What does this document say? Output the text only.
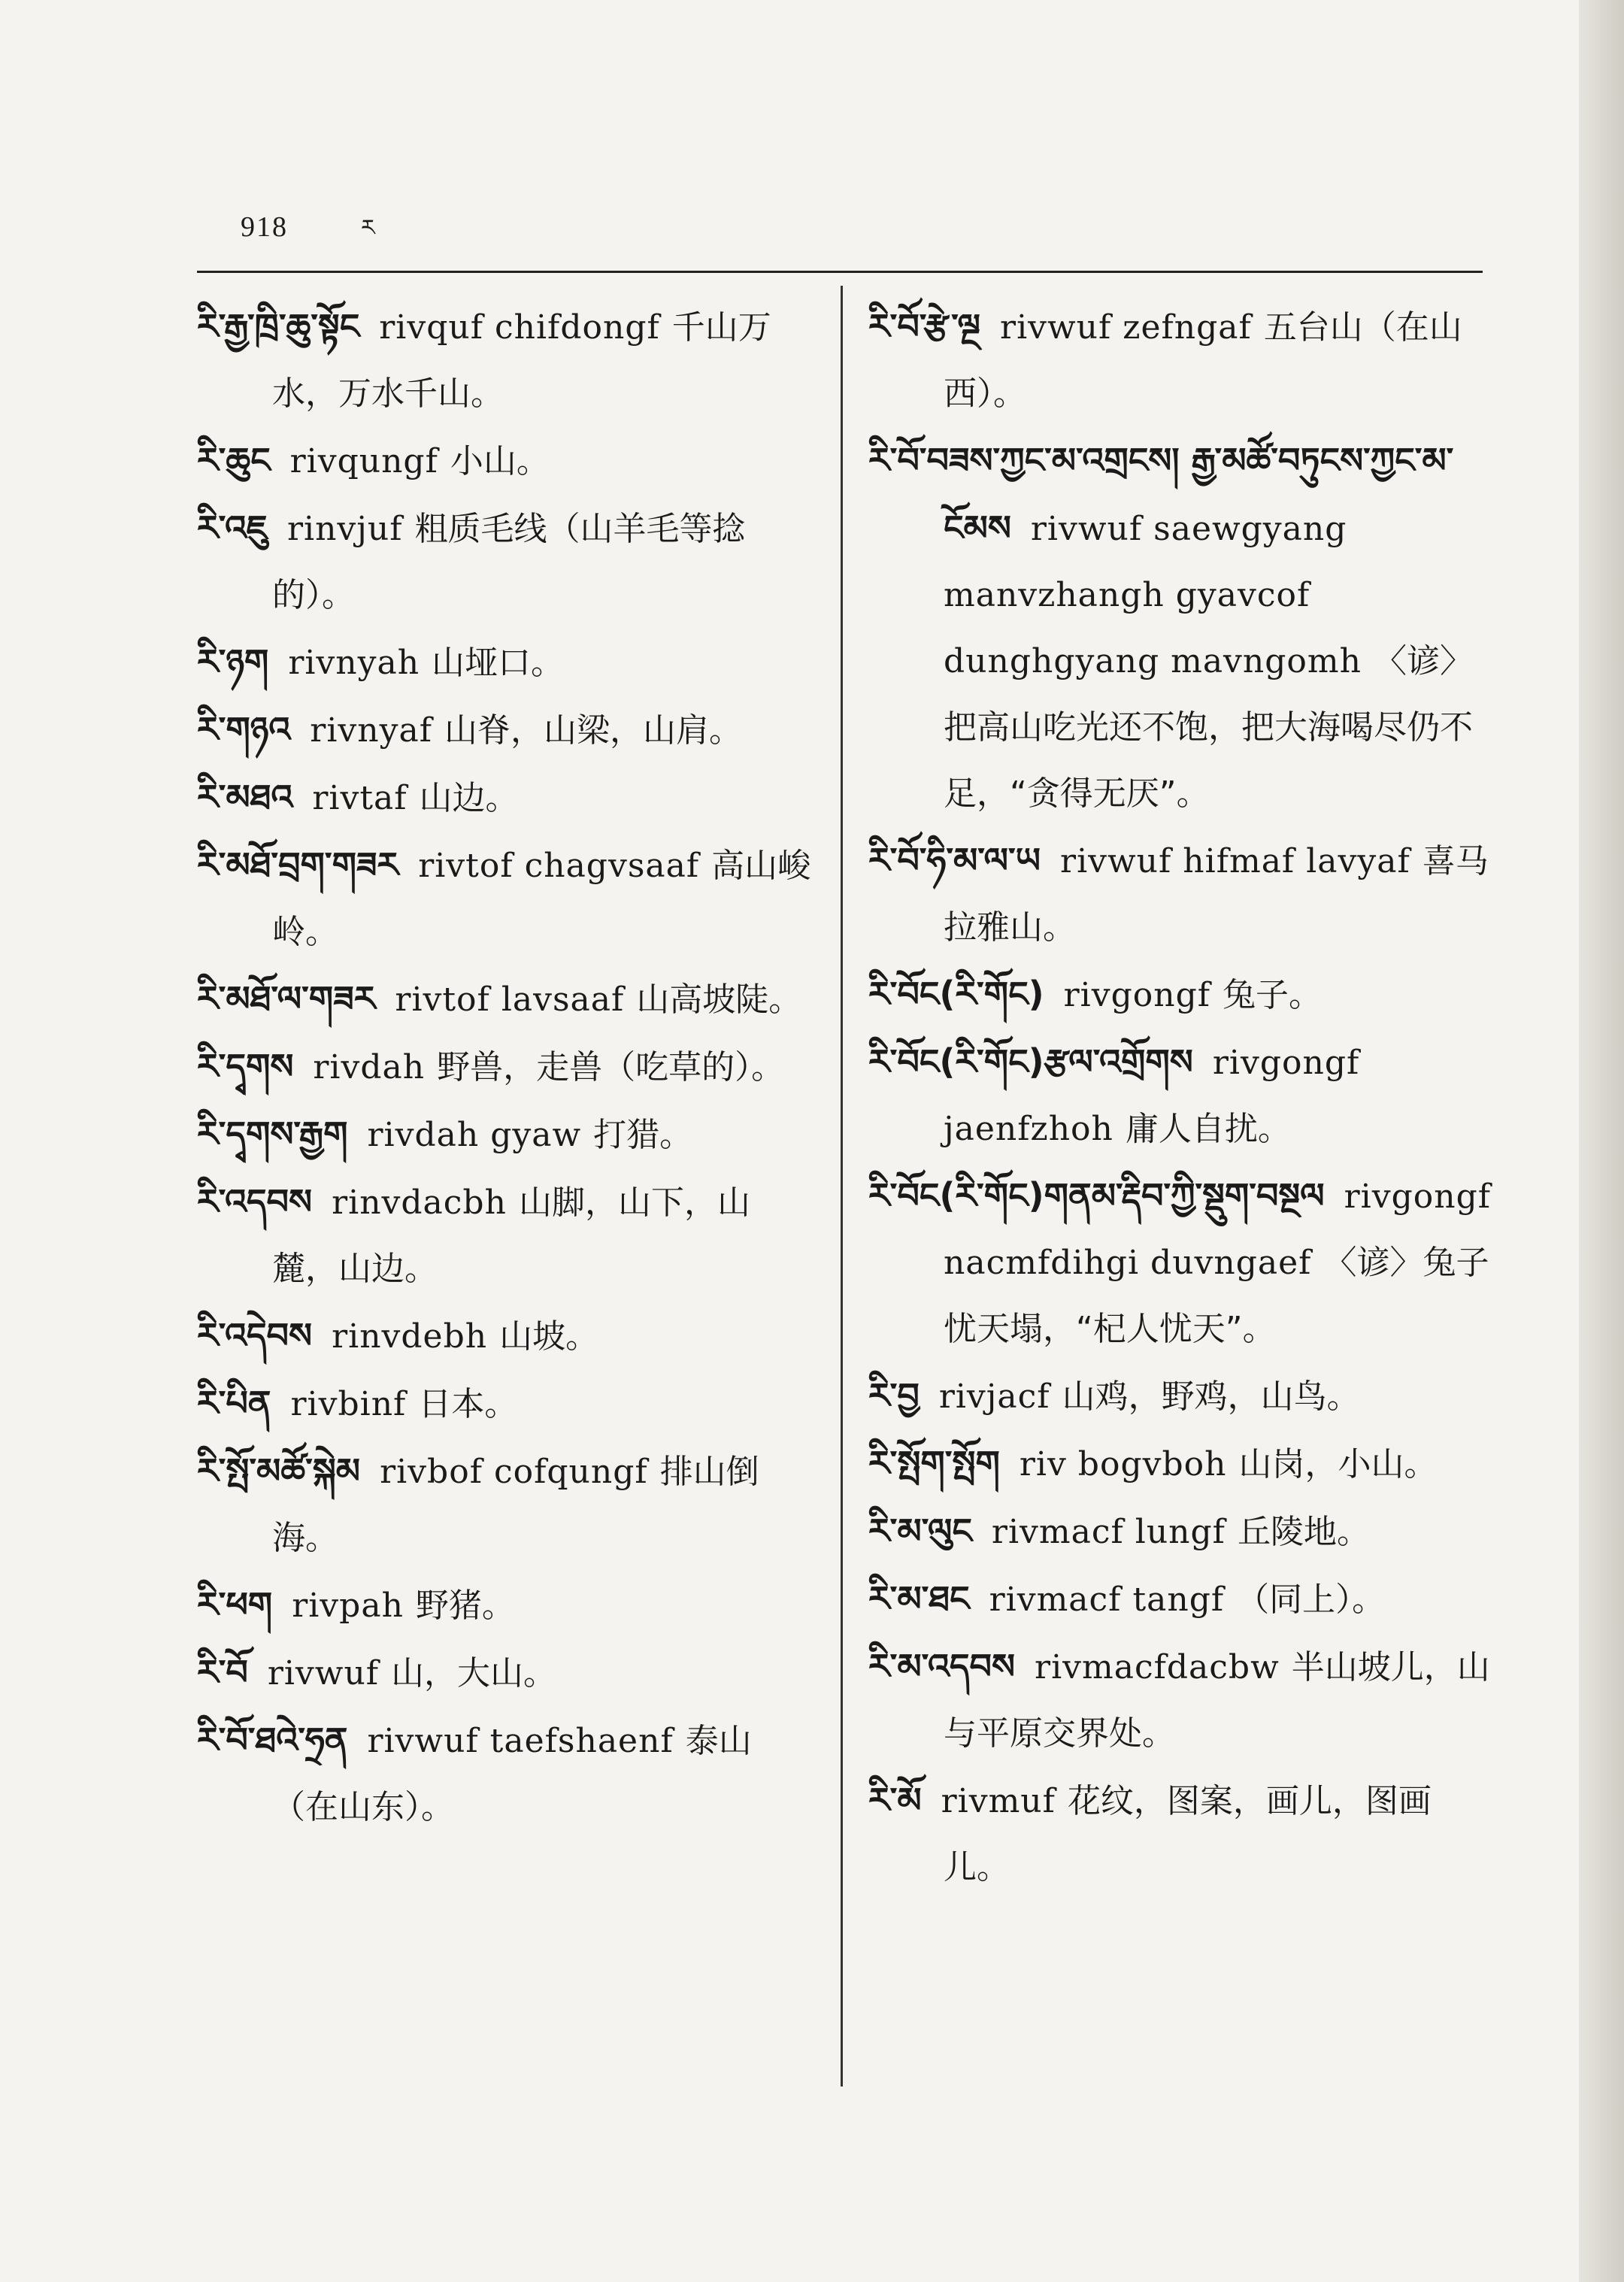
918	ར

རི་རྒྱ་ཁྲི་ཆུ་སྟོང rivquf chifdongf 千山万水，万水千山。

རི་ཆུང rivqungf 小山。

རི་འཇུ rinvjuf 粗质毛线（山羊毛等捻的）。

རི་ཉག rivnyah 山垭口。

རི་གཉའ rivnyaf 山脊，山梁，山肩。

རི་མཐའ rivtaf 山边。

རི་མཐོ་བྲག་གཟར rivtof chagvsaaf 高山峻岭。

རི་མཐོ་ལ་གཟར rivtof lavsaaf 山高坡陡。

རི་དྭགས rivdah 野兽，走兽（吃草的）。

རི་དྭགས་རྒྱག rivdah gyaw 打猎。

རི་འདབས rinvdacbh 山脚，山下，山麓，山边。

རི་འདེབས rinvdebh 山坡。

རི་པིན rivbinf 日本。

རི་སྤོ་མཚོ་སྐེམ rivbof cofqungf 排山倒海。

རི་ཕག rivpah 野猪。

རི་བོ rivwuf 山，大山。

རི་བོ་ཐའེ་ཧྲན rivwuf taefshaenf 泰山（在山东）。

རི་བོ་རྩེ་ལྔ rivwuf zefngaf 五台山（在山西）。

རི་བོ་བཟས་ཀྱང་མ་འགྲངས། རྒྱ་མཚོ་བཏུངས་ཀྱང་མ་ངོམས rivwuf saewgyang manvzhangh gyavcof dunghgyang mavngomh 〈谚〉把高山吃光还不饱，把大海喝尽仍不足，“贪得无厌”。

རི་བོ་ཧི་མ་ལ་ཡ rivwuf hifmaf lavyaf 喜马拉雅山。

རི་བོང(རི་གོང) rivgongf 兔子。

རི་བོང(རི་གོང)རྩལ་འགྲོགས rivgongf jaenfzhoh 庸人自扰。

རི་བོང(རི་གོང)གནམ་རྡིབ་ཀྱི་སྡུག་བསྔལ rivgongf nacmfdihgi duvngaef 〈谚〉兔子忧天塌，“杞人忧天”。

རི་བྱ rivjacf 山鸡，野鸡，山鸟。

རི་སྤོག་སྤོག riv bogvboh 山岗，小山。

རི་མ་ལུང rivmacf lungf 丘陵地。

རི་མ་ཐང rivmacf tangf （同上）。

རི་མ་འདབས rivmacfdacbw 半山坡儿，山与平原交界处。

རི་མོ rivmuf 花纹，图案，画儿，图画儿。
